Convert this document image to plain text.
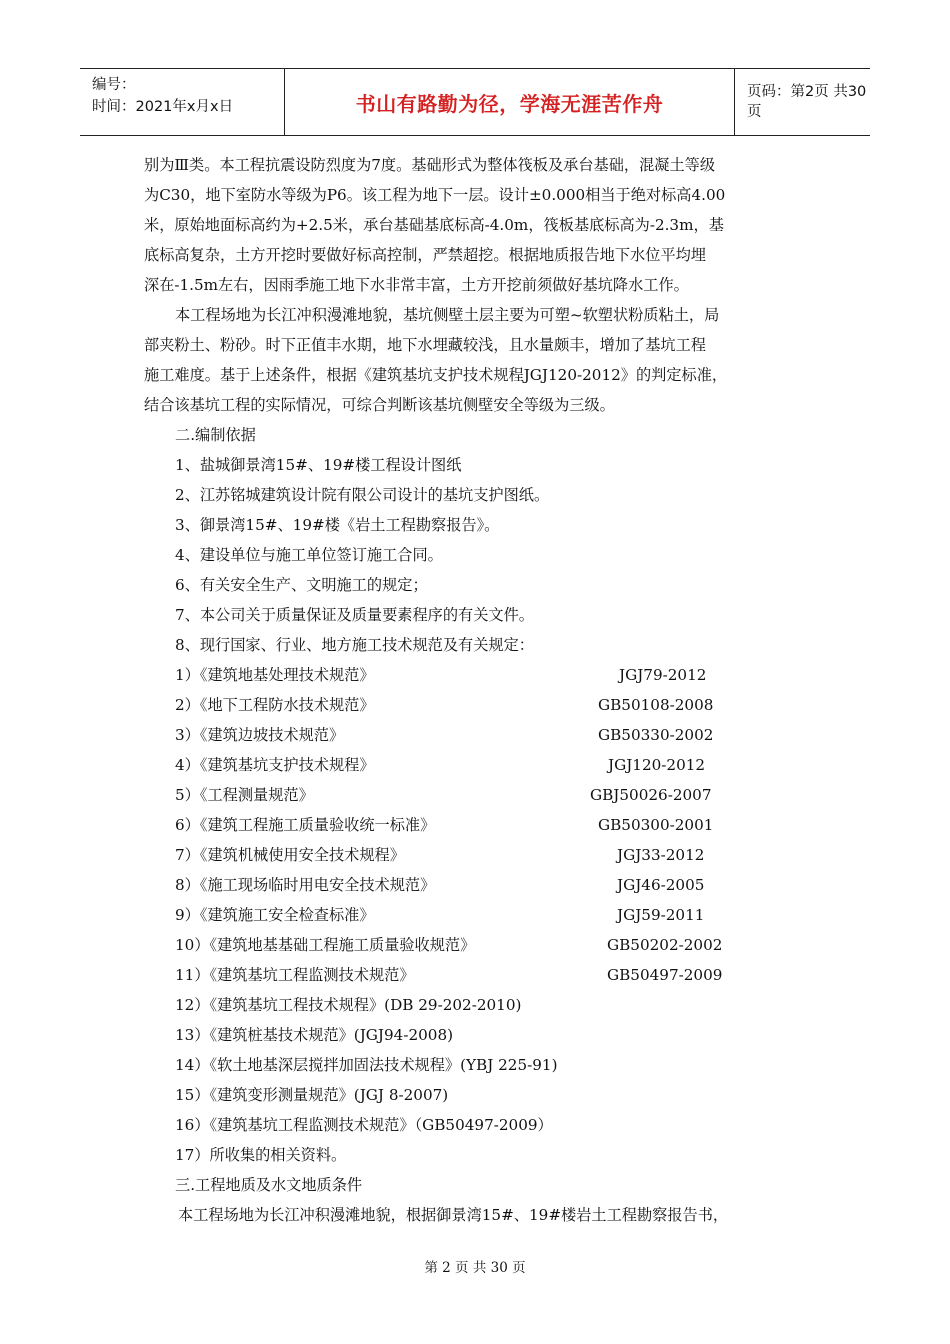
编号：
时间：2021年x月x日	书山有路勤为径，学海无涯苦作舟	页码：第2页 共30页

别为Ⅲ类。本工程抗震设防烈度为7度。基础形式为整体筏板及承台基础，混凝土等级

为C30，地下室防水等级为P6。该工程为地下一层。设计±0.000相当于绝对标高4.00

米，原始地面标高约为+2.5米，承台基础基底标高-4.0m，筏板基底标高为-2.3m，基

底标高复杂，土方开挖时要做好标高控制，严禁超挖。根据地质报告地下水位平均埋

深在-1.5m左右，因雨季施工地下水非常丰富，土方开挖前须做好基坑降水工作。

本工程场地为长江冲积漫滩地貌，基坑侧壁土层主要为可塑~软塑状粉质粘土，局

部夹粉土、粉砂。时下正值丰水期，地下水埋藏较浅，且水量颇丰，增加了基坑工程

施工难度。基于上述条件，根据《建筑基坑支护技术规程JGJ120-2012》的判定标准，

结合该基坑工程的实际情况，可综合判断该基坑侧壁安全等级为三级。

二.编制依据

1、盐城御景湾15#、19#楼工程设计图纸

2、江苏铭城建筑设计院有限公司设计的基坑支护图纸。

3、御景湾15#、19#楼《岩土工程勘察报告》。

4、建设单位与施工单位签订施工合同。

6、有关安全生产、文明施工的规定；

7、本公司关于质量保证及质量要素程序的有关文件。

8、现行国家、行业、地方施工技术规范及有关规定：

1）《建筑地基处理技术规范》	JGJ79-2012
2）《地下工程防水技术规范》	GB50108-2008
3）《建筑边坡技术规范》	GB50330-2002
4）《建筑基坑支护技术规程》	JGJ120-2012
5）《工程测量规范》	GBJ50026-2007
6）《建筑工程施工质量验收统一标准》	GB50300-2001
7）《建筑机械使用安全技术规程》	JGJ33-2012
8）《施工现场临时用电安全技术规范》	JGJ46-2005
9）《建筑施工安全检查标准》	JGJ59-2011
10）《建筑地基基础工程施工质量验收规范》	GB50202-2002
11）《建筑基坑工程监测技术规范》	GB50497-2009

12）《建筑基坑工程技术规程》(DB 29-202-2010)

13）《建筑桩基技术规范》(JGJ94-2008)

14）《软土地基深层搅拌加固法技术规程》(YBJ 225-91)

15）《建筑变形测量规范》(JGJ 8-2007)

16）《建筑基坑工程监测技术规范》（GB50497-2009）

17）所收集的相关资料。

三.工程地质及水文地质条件

本工程场地为长江冲积漫滩地貌，根据御景湾15#、19#楼岩土工程勘察报告书，

第 2 页 共 30 页
